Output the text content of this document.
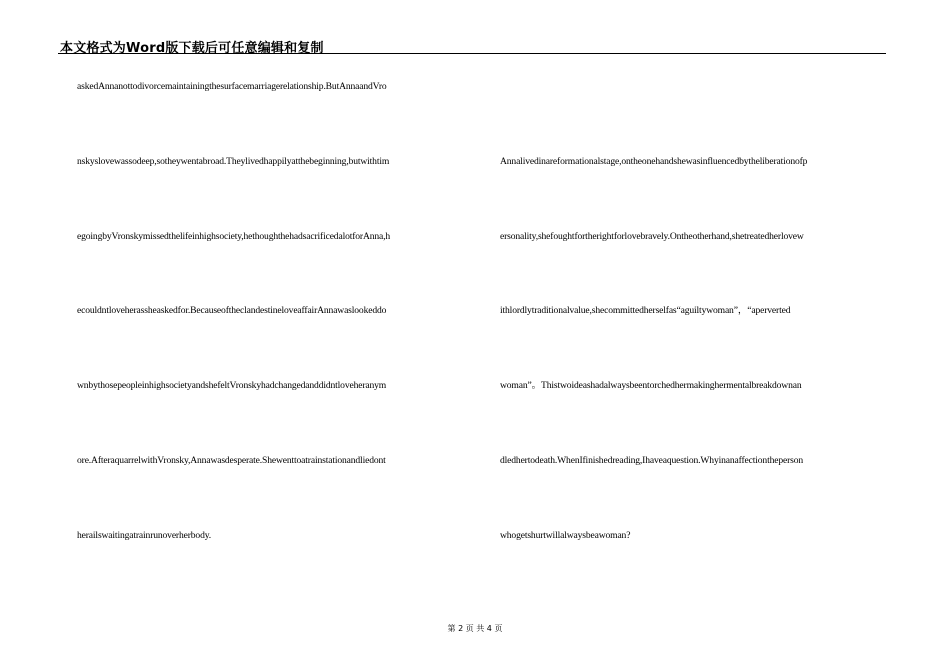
本文格式为Word版下载后可任意编辑和复制
askedAnnanottodivorcemaintainingthesurfacemarriagerelationship.ButAnnaandVro
nskyslovewassodeep,sotheywentabroad.Theylivedhappilyatthebeginning,butwithtim
egoingbyVronskymissedthelifeinhighsociety,hethoughthehadsacrificedalotforAnna,h
ecouldntloveherassheaskedfor.BecauseoftheclandestineloveaffairAnnawaslookeddo
wnbythosepeopleinhighsocietyandshefeltVronskyhadchangedanddidntloveheranym
ore.AfteraquarrelwithVronsky,Annawasdesperate.Shewenttoatrainstationandliedont
herailswaitingatrainrunoverherbody.
Annalivedinareformationalstage,ontheonehandshewasinfluencedbytheliberationofp
ersonality,shefoughtfortherightforlovebravely.Ontheotherhand,shetreatedherlovew
ithlordlytraditionalvalue,shecommittedherselfas“aguiltywoman”，“aperverted
woman”。Thistwoideashadalwaysbeentorchedhermakinghermentalbreakdownan
dledhertodeath.WhenIfinishedreading,Ihaveaquestion.Whyinanaffectiontheperson
whogetshurtwillalwaysbeawoman?
第 2 页 共 4 页
